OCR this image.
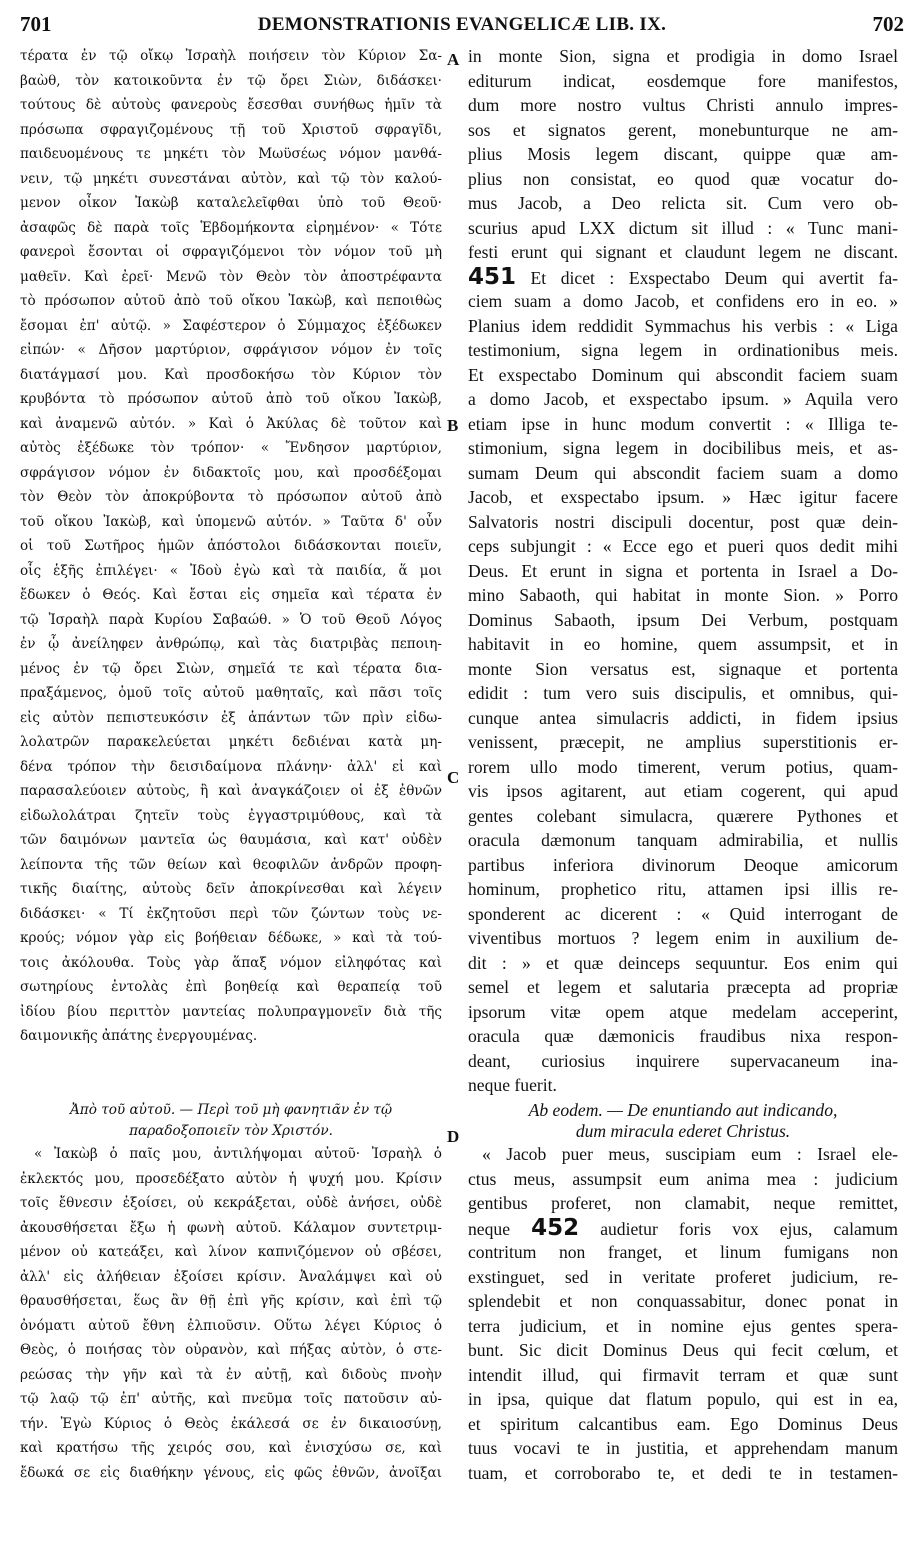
701	DEMONSTRATIONIS EVANGELICÆ LIB. IX.	702
A
B
C
D
τέρατα ἐν τῷ οἴκῳ Ἰσραὴλ ποιήσειν τὸν Κύριον Σα-
βαὼθ, τὸν κατοικοῦντα ἐν τῷ ὄρει Σιὼν, διδάσκει·
τούτους δὲ αὐτοὺς φανεροὺς ἔσεσθαι συνήθως ἡμῖν τὰ
πρόσωπα σφραγιζομένους τῇ τοῦ Χριστοῦ σφραγῖδι,
παιδευομένους τε μηκέτι τὸν Μωϋσέως νόμον μανθά-
νειν, τῷ μηκέτι συνεστάναι αὐτὸν, καὶ τῷ τὸν καλού-
μενον οἶκον Ἰακὼβ καταλελεῖφθαι ὑπὸ τοῦ Θεοῦ·
ἀσαφῶς δὲ παρὰ τοῖς Ἑβδομήκοντα εἰρημένον· « Τότε
φανεροὶ ἔσονται οἱ σφραγιζόμενοι τὸν νόμον τοῦ μὴ
μαθεῖν. Καὶ ἐρεῖ· Μενῶ τὸν Θεὸν τὸν ἀποστρέφαντα
τὸ πρόσωπον αὐτοῦ ἀπὸ τοῦ οἴκου Ἰακὼβ, καὶ πεποιθὼς
ἔσομαι ἐπ' αὐτῷ. » Σαφέστερον ὁ Σύμμαχος ἐξέδωκεν
εἰπών· « Δῆσον μαρτύριον, σφράγισον νόμον ἐν τοῖς
διατάγμασί μου. Καὶ προσδοκήσω τὸν Κύριον τὸν
κρυβόντα τὸ πρόσωπον αὐτοῦ ἀπὸ τοῦ οἴκου Ἰακὼβ,
καὶ ἀναμενῶ αὐτόν. » Καὶ ὁ Ἀκύλας δὲ τοῦτον καὶ
αὐτὸς ἐξέδωκε τὸν τρόπον· « Ἔνδησον μαρτύριον,
σφράγισον νόμον ἐν διδακτοῖς μου, καὶ προσδέξομαι
τὸν Θεὸν τὸν ἀποκρύβοντα τὸ πρόσωπον αὐτοῦ ἀπὸ
τοῦ οἴκου Ἰακὼβ, καὶ ὑπομενῶ αὐτόν. » Ταῦτα δ' οὖν
οἱ τοῦ Σωτῆρος ἡμῶν ἀπόστολοι διδάσκονται ποιεῖν,
οἷς ἑξῆς ἐπιλέγει· « Ἰδοὺ ἐγὼ καὶ τὰ παιδία, ἅ μοι
ἔδωκεν ὁ Θεός. Καὶ ἔσται εἰς σημεῖα καὶ τέρατα ἐν
τῷ Ἰσραὴλ παρὰ Κυρίου Σαβαώθ. » Ὁ τοῦ Θεοῦ Λόγος
ἐν ᾧ ἀνείληφεν ἀνθρώπῳ, καὶ τὰς διατριβὰς πεποιη-
μένος ἐν τῷ ὄρει Σιὼν, σημεῖά τε καὶ τέρατα δια-
πραξάμενος, ὁμοῦ τοῖς αὐτοῦ μαθηταῖς, καὶ πᾶσι τοῖς
εἰς αὐτὸν πεπιστευκόσιν ἐξ ἁπάντων τῶν πρὶν εἰδω-
λολατρῶν παρακελεύεται μηκέτι δεδιέναι κατὰ μη-
δένα τρόπον τὴν δεισιδαίμονα πλάνην· ἀλλ' εἰ καὶ
παρασαλεύοιεν αὐτοὺς, ἢ καὶ ἀναγκάζοιεν οἱ ἐξ ἐθνῶν
εἰδωλολάτραι ζητεῖν τοὺς ἐγγαστριμύθους, καὶ τὰ
τῶν δαιμόνων μαντεῖα ὡς θαυμάσια, καὶ κατ' οὐδὲν
λείποντα τῆς τῶν θείων καὶ θεοφιλῶν ἀνδρῶν προφη-
τικῆς διαίτης, αὐτοὺς δεῖν ἀποκρίνεσθαι καὶ λέγειν
διδάσκει· « Τί ἐκζητοῦσι περὶ τῶν ζώντων τοὺς νε-
κρούς; νόμον γὰρ εἰς βοήθειαν δέδωκε, » καὶ τὰ τού-
τοις ἀκόλουθα. Τοὺς γὰρ ἅπαξ νόμον εἰληφότας καὶ
σωτηρίους ἐντολὰς ἐπὶ βοηθείᾳ καὶ θεραπείᾳ τοῦ
ἰδίου βίου περιττὸν μαντείας πολυπραγμονεῖν διὰ τῆς
δαιμονικῆς ἀπάτης ἐνεργουμένας.
in monte Sion, signa et prodigia in domo Israel
editurum indicat, eosdemque fore manifestos,
dum more nostro vultus Christi annulo impres-
sos et signatos gerent, monebunturque ne am-
plius Mosis legem discant, quippe quæ am-
plius non consistat, eo quod quæ vocatur do-
mus Jacob, a Deo relicta sit. Cum vero ob-
scurius apud LXX dictum sit illud : « Tunc mani-
festi erunt qui signant et claudunt legem ne discant.
451 Et dicet : Exspectabo Deum qui avertit fa-
ciem suam a domo Jacob, et confidens ero in eo. »
Planius idem reddidit Symmachus his verbis : « Liga
testimonium, signa legem in ordinationibus meis.
Et exspectabo Dominum qui abscondit faciem suam
a domo Jacob, et exspectabo ipsum. » Aquila vero
etiam ipse in hunc modum convertit : « Illiga te-
stimonium, signa legem in docibilibus meis, et as-
sumam Deum qui abscondit faciem suam a domo
Jacob, et exspectabo ipsum. » Hæc igitur facere
Salvatoris nostri discipuli docentur, post quæ dein-
ceps subjungit : « Ecce ego et pueri quos dedit mihi
Deus. Et erunt in signa et portenta in Israel a Do-
mino Sabaoth, qui habitat in monte Sion. » Porro
Dominus Sabaoth, ipsum Dei Verbum, postquam
habitavit in eo homine, quem assumpsit, et in
monte Sion versatus est, signaque et portenta
edidit : tum vero suis discipulis, et omnibus, qui-
cunque antea simulacris addicti, in fidem ipsius
venissent, præcepit, ne amplius superstitionis er-
rorem ullo modo timerent, verum potius, quam-
vis ipsos agitarent, aut etiam cogerent, qui apud
gentes colebant simulacra, quærere Pythones et
oracula dæmonum tanquam admirabilia, et nullis
partibus inferiora divinorum Deoque amicorum
hominum, prophetico ritu, attamen ipsi illis re-
sponderent ac dicerent : « Quid interrogant de
viventibus mortuos ? legem enim in auxilium de-
dit : » et quæ deinceps sequuntur. Eos enim qui
semel et legem et salutaria præcepta ad propriæ
ipsorum vitæ opem atque medelam acceperint,
oracula quæ dæmonicis fraudibus nixa respon-
deant, curiosius inquirere supervacaneum ina-
neque fuerit.
Ἀπὸ τοῦ αὐτοῦ. — Περὶ τοῦ μὴ φανητιᾶν ἐν τῷ
παραδοξοποιεῖν τὸν Χριστόν.
« Ἰακὼβ ὁ παῖς μου, ἀντιλήψομαι αὐτοῦ· Ἰσραὴλ ὁ
ἐκλεκτός μου, προσεδέξατο αὐτὸν ἡ ψυχή μου. Κρίσιν
τοῖς ἔθνεσιν ἐξοίσει, οὐ κεκράξεται, οὐδὲ ἀνήσει, οὐδὲ
ἀκουσθήσεται ἔξω ἡ φωνὴ αὐτοῦ. Κάλαμον συντετριμ-
μένον οὐ κατεάξει, καὶ λίνον καπνιζόμενον οὐ σβέσει,
ἀλλ' εἰς ἀλήθειαν ἐξοίσει κρίσιν. Ἀναλάμψει καὶ οὐ
θραυσθήσεται, ἕως ἂν θῇ ἐπὶ γῆς κρίσιν, καὶ ἐπὶ τῷ
ὀνόματι αὐτοῦ ἔθνη ἐλπιοῦσιν. Οὕτω λέγει Κύριος ὁ
Θεὸς, ὁ ποιήσας τὸν οὐρανὸν, καὶ πήξας αὐτὸν, ὁ στε-
ρεώσας τὴν γῆν καὶ τὰ ἐν αὐτῇ, καὶ διδοὺς πνοὴν
τῷ λαῷ τῷ ἐπ' αὐτῆς, καὶ πνεῦμα τοῖς πατοῦσιν αὐ-
τήν. Ἐγὼ Κύριος ὁ Θεὸς ἐκάλεσά σε ἐν δικαιοσύνῃ,
καὶ κρατήσω τῆς χειρός σου, καὶ ἐνισχύσω σε, καὶ
ἔδωκά σε εἰς διαθήκην γένους, εἰς φῶς ἐθνῶν, ἀνοῖξαι
Ab eodem. — De enuntiando aut indicando,
dum miracula ederet Christus.
« Jacob puer meus, suscipiam eum : Israel ele-
ctus meus, assumpsit eum anima mea : judicium
gentibus proferet, non clamabit, neque remittet,
neque 452 audietur foris vox ejus, calamum
contritum non franget, et linum fumigans non
exstinguet, sed in veritate proferet judicium, re-
splendebit et non conquassabitur, donec ponat in
terra judicium, et in nomine ejus gentes spera-
bunt. Sic dicit Dominus Deus qui fecit cœlum, et
intendit illud, qui firmavit terram et quæ sunt
in ipsa, quique dat flatum populo, qui est in ea,
et spiritum calcantibus eam. Ego Dominus Deus
tuus vocavi te in justitia, et apprehendam manum
tuam, et corroborabo te, et dedi te in testamen-
